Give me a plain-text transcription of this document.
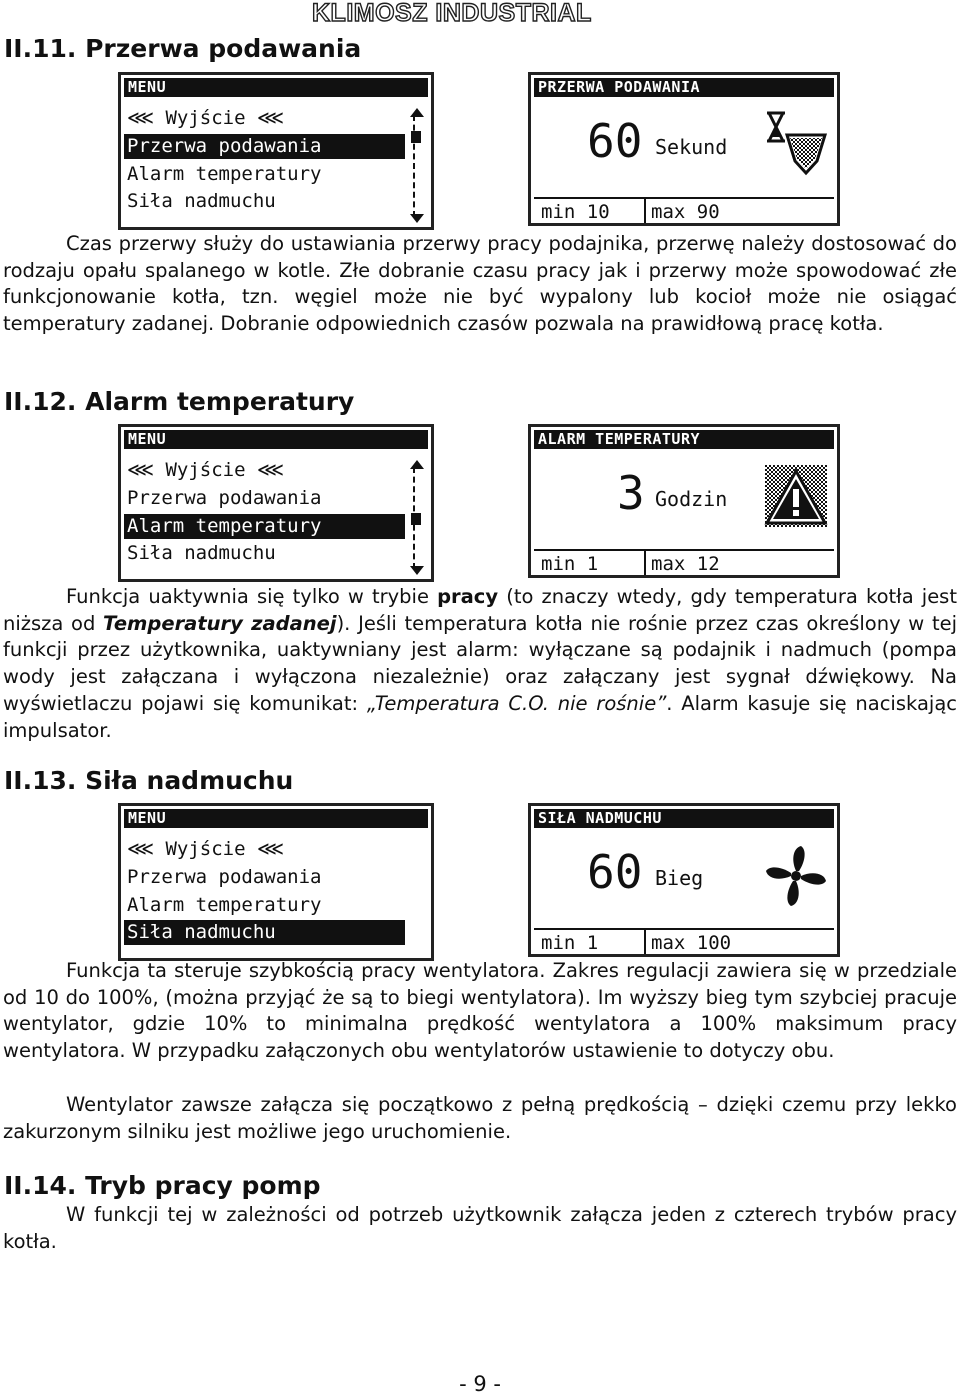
KLIMOSZ INDUSTRIAL
II.11. Przerwa podawania
MENU
⋘ Wyjście ⋘
Przerwa podawania
Alarm temperatury
Siła nadmuchu
PRZERWA PODAWANIA
60 Sekund
min 10 max 90
Czas przerwy służy do ustawiania przerwy pracy podajnika, przerwę należy dostosować do rodzaju opału spalanego w kotle. Złe dobranie czasu pracy jak i przerwy może spowodować złe funkcjonowanie kotła, tzn. węgiel może nie być wypalony lub kocioł może nie osiągać temperatury zadanej. Dobranie odpowiednich czasów pozwala na prawidłową pracę kotła.
II.12. Alarm temperatury
MENU
⋘ Wyjście ⋘
Przerwa podawania
Alarm temperatury
Siła nadmuchu
ALARM TEMPERATURY
3 Godzin
min 1	max 12
Funkcja uaktywnia się tylko w trybie pracy (to znaczy wtedy, gdy temperatura kotła jest niższa od Temperatury zadanej). Jeśli temperatura kotła nie rośnie przez czas określony w tej funkcji przez użytkownika, uaktywniany jest alarm: wyłączane są podajnik i nadmuch (pompa wody jest załączana i wyłączona niezależnie) oraz załączany jest sygnał dźwiękowy. Na wyświetlaczu pojawi się komunikat: „Temperatura C.O. nie rośnie”. Alarm kasuje się naciskając impulsator.
II.13. Siła nadmuchu
MENU
⋘ Wyjście ⋘
Przerwa podawania
Alarm temperatury
Siła nadmuchu
SIŁA NADMUCHU
60 Bieg
min 1	max 100
Funkcja ta steruje szybkością pracy wentylatora. Zakres regulacji zawiera się w przedziale od 10 do 100%, (można przyjąć że są to biegi wentylatora). Im wyższy bieg tym szybciej pracuje wentylator, gdzie 10% to minimalna prędkość wentylatora a 100% maksimum pracy wentylatora. W przypadku załączonych obu wentylatorów ustawienie to dotyczy obu.
Wentylator zawsze załącza się początkowo z pełną prędkością – dzięki czemu przy lekko zakurzonym silniku jest możliwe jego uruchomienie.
II.14. Tryb pracy pomp
W funkcji tej w zależności od potrzeb użytkownik załącza jeden z czterech trybów pracy kotła.
- 9 -
